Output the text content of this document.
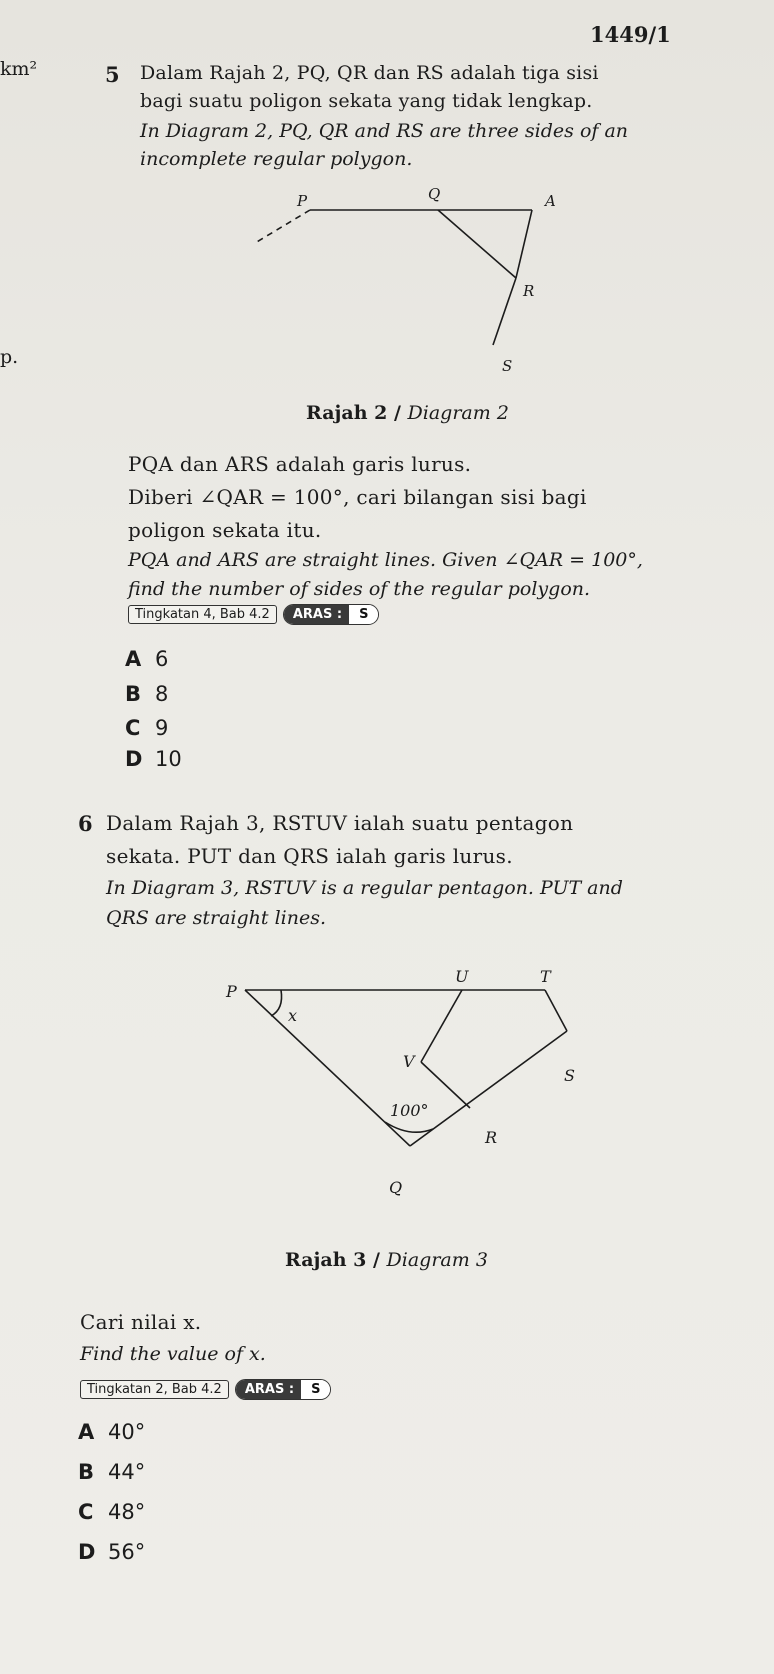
1449/1
km²
p.
5 Dalam Rajah 2, PQ, QR dan RS adalah tiga sisi
bagi suatu poligon sekata yang tidak lengkap.
In Diagram 2, PQ, QR and RS are three sides of an
incomplete regular polygon.
P	Q	A
R
S
Rajah 2 / Diagram 2
PQA dan ARS adalah garis lurus.
Diberi ∠QAR = 100°, cari bilangan sisi bagi
poligon sekata itu.
PQA and ARS are straight lines. Given ∠QAR = 100°,
find the number of sides of the regular polygon.
Tingkatan 4, Bab 4.2	ARAS :	S
A 6
B 8
C 9
D 10
6 Dalam Rajah 3, RSTUV ialah suatu pentagon
sekata. PUT dan QRS ialah garis lurus.
In Diagram 3, RSTUV is a regular pentagon. PUT and
QRS are straight lines.
P
U	T
x
V
S
100°
R
Q
Rajah 3 / Diagram 3
Cari nilai x.
Find the value of x.
Tingkatan 2, Bab 4.2	ARAS :	S
A 40°
B 44°
C 48°
D 56°
